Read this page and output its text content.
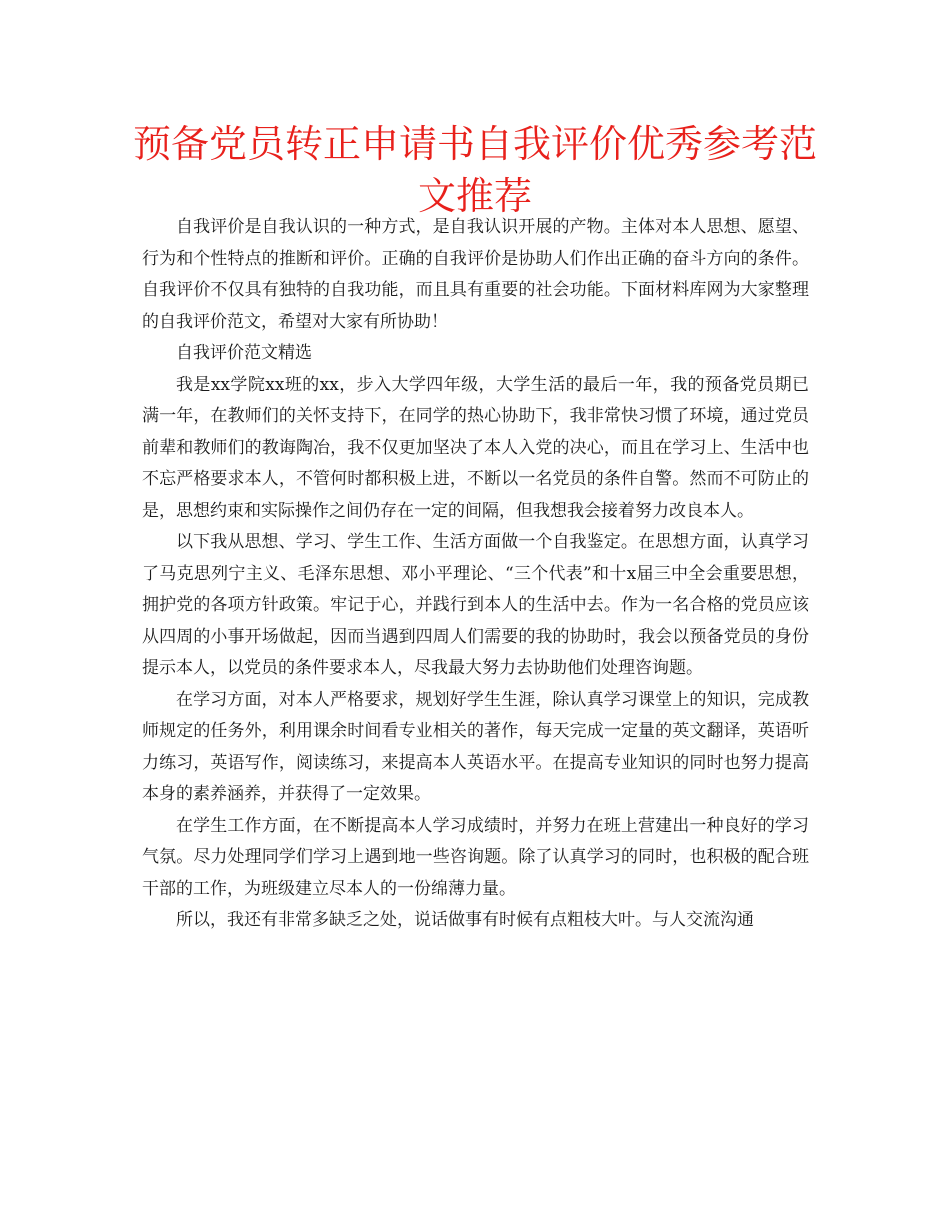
预备党员转正申请书自我评价优秀参考范
文推荐

自我评价是自我认识的一种方式，是自我认识开展的产物。主体对本人思想、愿望、行为和个性特点的推断和评价。正确的自我评价是协助人们作出正确的奋斗方向的条件。自我评价不仅具有独特的自我功能，而且具有重要的社会功能。下面材料库网为大家整理的自我评价范文，希望对大家有所协助！

自我评价范文精选

我是xx学院xx班的xx，步入大学四年级，大学生活的最后一年，我的预备党员期已满一年，在教师们的关怀支持下，在同学的热心协助下，我非常快习惯了环境，通过党员前辈和教师们的教诲陶冶，我不仅更加坚决了本人入党的决心，而且在学习上、生活中也不忘严格要求本人，不管何时都积极上进，不断以一名党员的条件自警。然而不可防止的是，思想约束和实际操作之间仍存在一定的间隔，但我想我会接着努力改良本人。

以下我从思想、学习、学生工作、生活方面做一个自我鉴定。在思想方面，认真学习了马克思列宁主义、毛泽东思想、邓小平理论、“三个代表”和十x届三中全会重要思想，拥护党的各项方针政策。牢记于心，并践行到本人的生活中去。作为一名合格的党员应该从四周的小事开场做起，因而当遇到四周人们需要的我的协助时，我会以预备党员的身份提示本人，以党员的条件要求本人，尽我最大努力去协助他们处理咨询题。

在学习方面，对本人严格要求，规划好学生生涯，除认真学习课堂上的知识，完成教师规定的任务外，利用课余时间看专业相关的著作，每天完成一定量的英文翻译，英语听力练习，英语写作，阅读练习，来提高本人英语水平。在提高专业知识的同时也努力提高本身的素养涵养，并获得了一定效果。

在学生工作方面，在不断提高本人学习成绩时，并努力在班上营建出一种良好的学习气氛。尽力处理同学们学习上遇到地一些咨询题。除了认真学习的同时，也积极的配合班干部的工作，为班级建立尽本人的一份绵薄力量。

所以，我还有非常多缺乏之处，说话做事有时候有点粗枝大叶。与人交流沟通
